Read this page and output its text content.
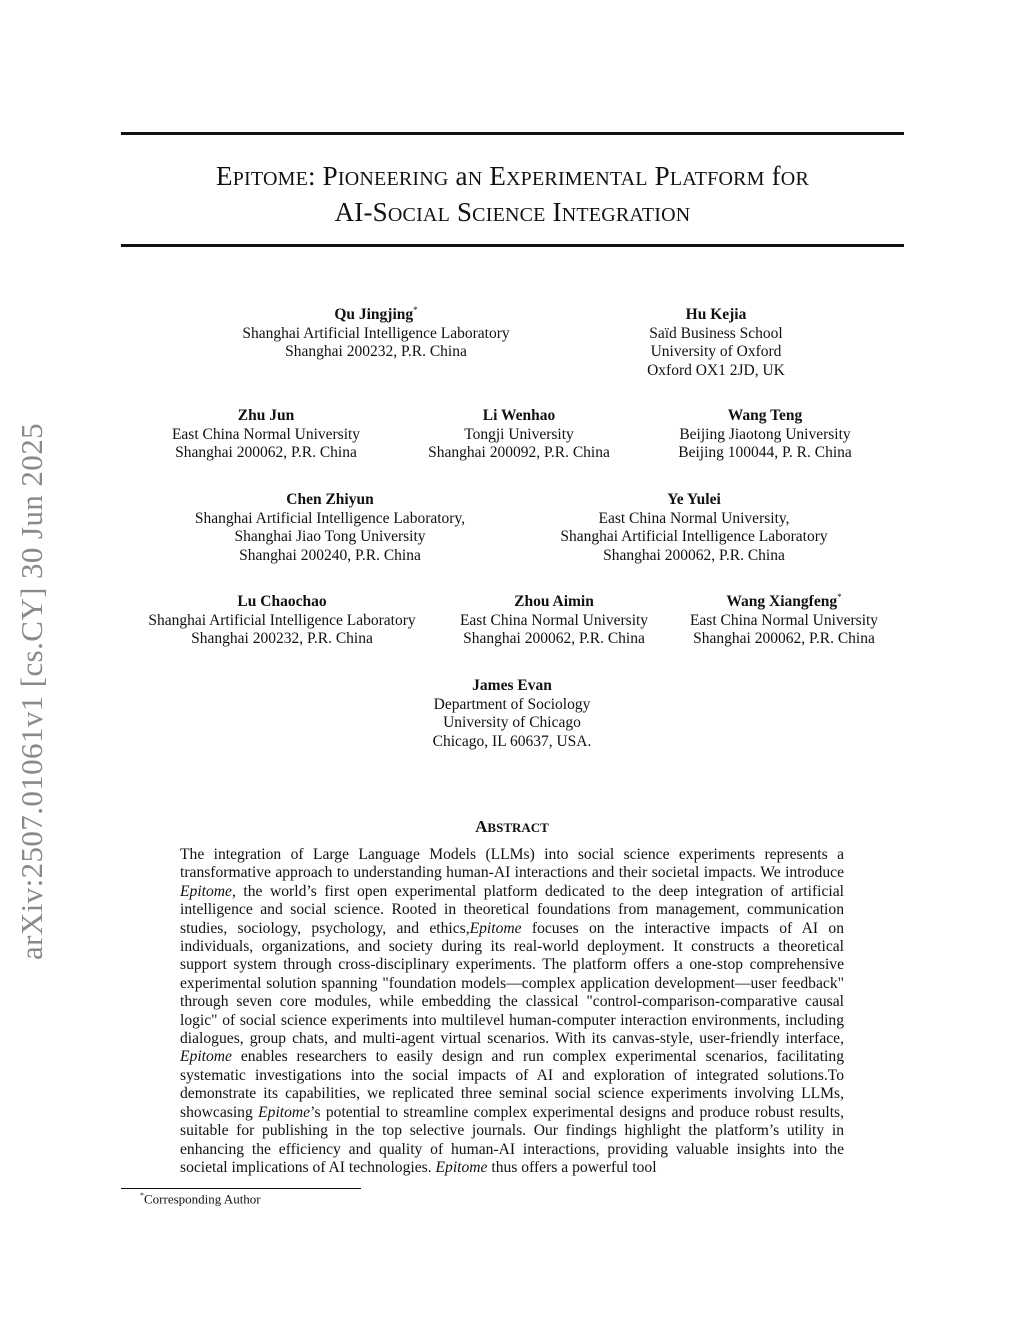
arXiv:2507.01061v1 [cs.CY] 30 Jun 2025
EPITOME: PIONEERING aN EXPERIMENTAL PLATFORM fOR
AI-SOCIAL SCIENCE INTEGRATION
Qu Jingjing*
Shanghai Artificial Intelligence Laboratory
Shanghai 200232, P.R. China
Hu Kejia
Saïd Business School
University of Oxford
Oxford OX1 2JD, UK
Zhu Jun
East China Normal University
Shanghai 200062, P.R. China
Li Wenhao
Tongji University
Shanghai 200092, P.R. China
Wang Teng
Beijing Jiaotong University
Beijing 100044, P. R. China
Chen Zhiyun
Shanghai Artificial Intelligence Laboratory,
Shanghai Jiao Tong University
Shanghai 200240, P.R. China
Ye Yulei
East China Normal University,
Shanghai Artificial Intelligence Laboratory
Shanghai 200062, P.R. China
Lu Chaochao
Shanghai Artificial Intelligence Laboratory
Shanghai 200232, P.R. China
Zhou Aimin
East China Normal University
Shanghai 200062, P.R. China
Wang Xiangfeng*
East China Normal University
Shanghai 200062, P.R. China
James Evan
Department of Sociology
University of Chicago
Chicago, IL 60637, USA.
ABSTRACT
The integration of Large Language Models (LLMs) into social science experiments represents a transformative approach to understanding human-AI interactions and their societal impacts. We introduce Epitome, the world’s first open experimental platform dedicated to the deep integration of artificial intelligence and social science. Rooted in theoretical foundations from management, communication studies, sociology, psychology, and ethics,Epitome focuses on the interactive impacts of AI on individuals, organizations, and society during its real-world deployment. It constructs a theoretical support system through cross-disciplinary experiments. The platform offers a one-stop comprehensive experimental solution spanning "foundation models—complex application development—user feedback" through seven core modules, while embedding the classical "control-comparison-comparative causal logic" of social science experiments into multilevel human-computer interaction environments, including dialogues, group chats, and multi-agent virtual scenarios. With its canvas-style, user-friendly interface, Epitome enables researchers to easily design and run complex experimental scenarios, facilitating systematic investigations into the social impacts of AI and exploration of integrated solutions.To demonstrate its capabilities, we replicated three seminal social science experiments involving LLMs, showcasing Epitome’s potential to streamline complex experimental designs and produce robust results, suitable for publishing in the top selective journals. Our findings highlight the platform’s utility in enhancing the efficiency and quality of human-AI interactions, providing valuable insights into the societal implications of AI technologies. Epitome thus offers a powerful tool
*Corresponding Author
